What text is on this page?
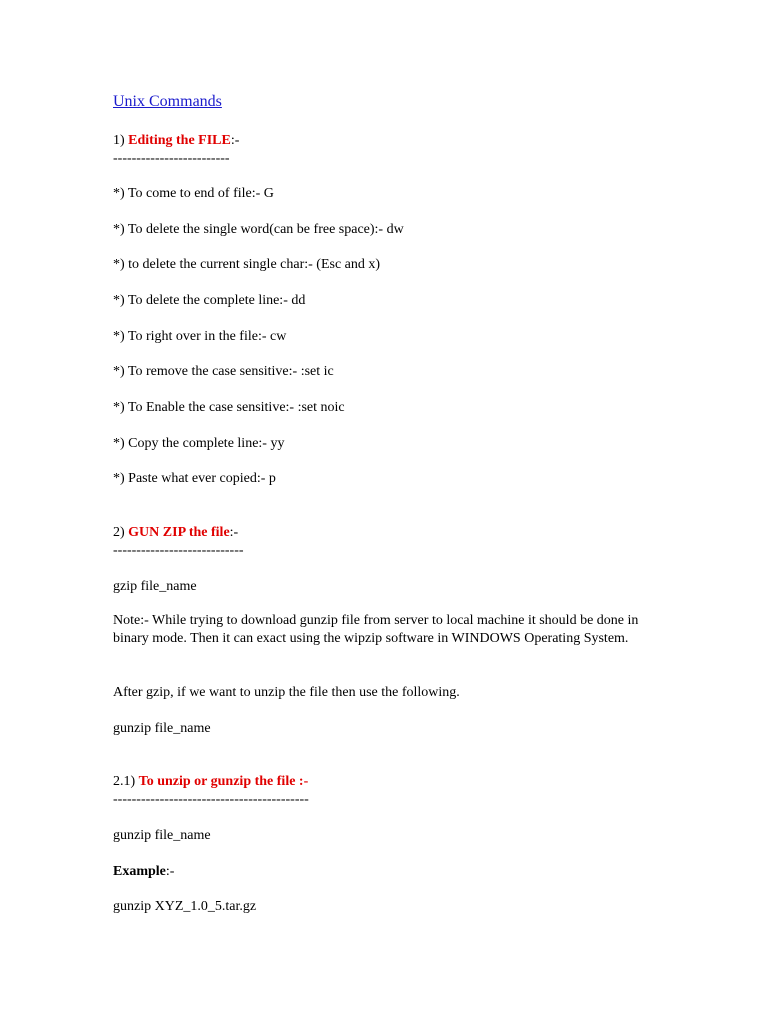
Unix Commands
1) Editing the FILE:-
-------------------------
*) To come to end of file:- G
*) To delete the single word(can be free space):- dw
*) to delete the current single char:- (Esc and x)
*) To delete the complete line:- dd
*) To right over in the file:- cw
*) To remove the case sensitive:- :set ic
*) To Enable the case sensitive:- :set noic
*) Copy the complete line:- yy
*) Paste what ever copied:- p
2) GUN ZIP the file:-
----------------------------
gzip file_name
Note:- While trying to download gunzip file from server to local machine it should be done in binary mode. Then it can exact using the wipzip software in WINDOWS Operating System.
After gzip, if we want to unzip the file then use the following.
gunzip file_name
2.1) To unzip or gunzip the file :-
------------------------------------------
gunzip file_name
Example:-
gunzip XYZ_1.0_5.tar.gz
